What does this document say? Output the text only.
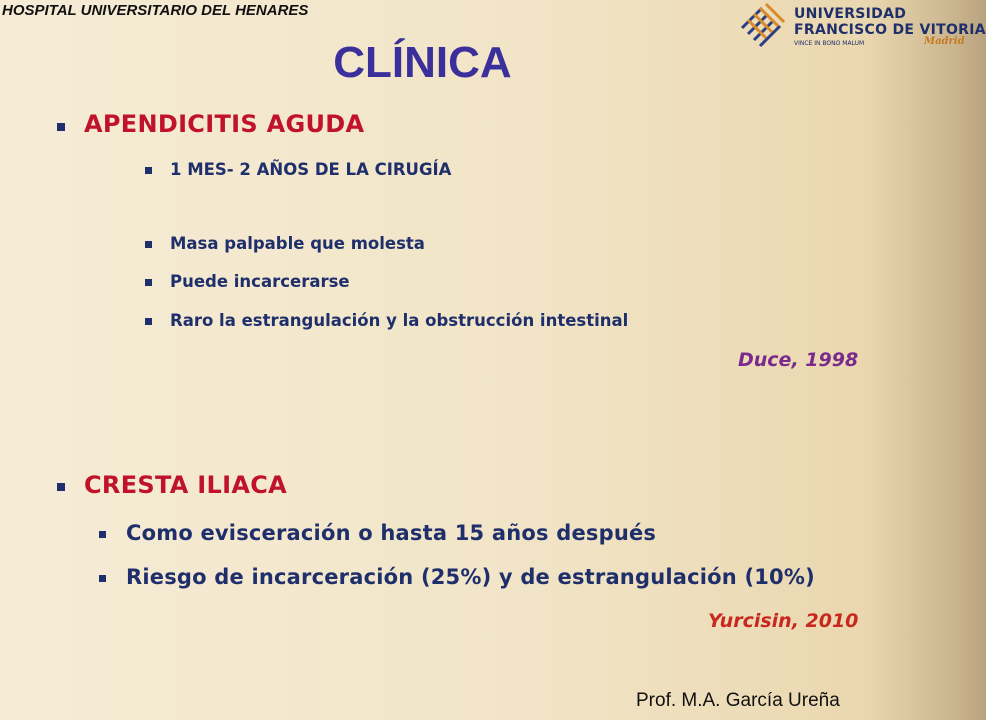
HOSPITAL UNIVERSITARIO DEL HENARES	UNIVERSIDAD
FRANCISCO DE VITORIA
VINCE IN BONO MALUM	Madrid
CLÍNICA
APENDICITIS AGUDA
1 MES- 2 AÑOS DE LA CIRUGÍA
Masa palpable que molesta
Puede incarcerarse
Raro la estrangulación y la obstrucción intestinal
Duce, 1998
CRESTA ILIACA
Como evisceración o hasta 15 años después
Riesgo de incarceración (25%) y de estrangulación (10%)
Yurcisin, 2010
Prof. M.A. García Ureña
